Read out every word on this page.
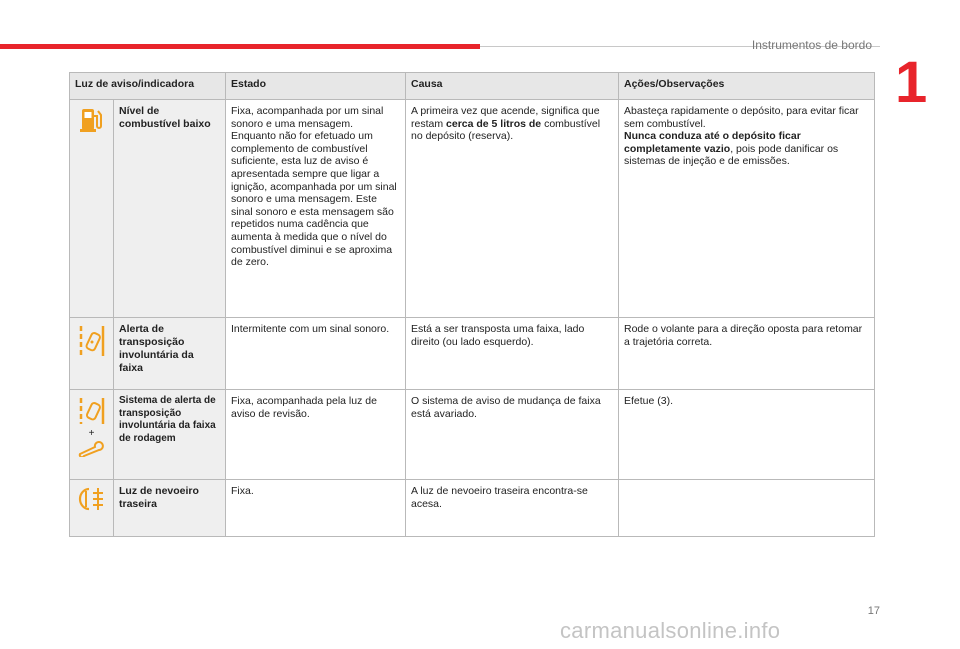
Instrumentos de bordo
1
Luz de aviso/indicadora		Estado	Causa	Ações/Observações

	Nível de combustível baixo	Fixa, acompanhada por um sinal sonoro e uma mensagem. Enquanto não for efetuado um complemento de combustível suficiente, esta luz de aviso é apresentada sempre que ligar a ignição, acompanhada por um sinal sonoro e uma mensagem. Este sinal sonoro e esta mensagem são repetidos numa cadência que aumenta à medida que o nível do combustível diminui e se aproxima de zero.	A primeira vez que acende, significa que restam cerca de 5 litros de combustível no depósito (reserva).	Abasteça rapidamente o depósito, para evitar ficar sem combustível.
Nunca conduza até o depósito ficar completamente vazio, pois pode danificar os sistemas de injeção e de emissões.

	Alerta de transposição involuntária da faixa	Intermitente com um sinal sonoro.	Está a ser transposta uma faixa, lado direito (ou lado esquerdo).	Rode o volante para a direção oposta para retomar a trajetória correta.

+	Sistema de alerta de transposição involuntária da faixa de rodagem	Fixa, acompanhada pela luz de aviso de revisão.	O sistema de aviso de mudança de faixa está avariado.	Efetue (3).

	Luz de nevoeiro traseira	Fixa.	A luz de nevoeiro traseira encontra-se acesa.	
17
carmanualsonline.info
